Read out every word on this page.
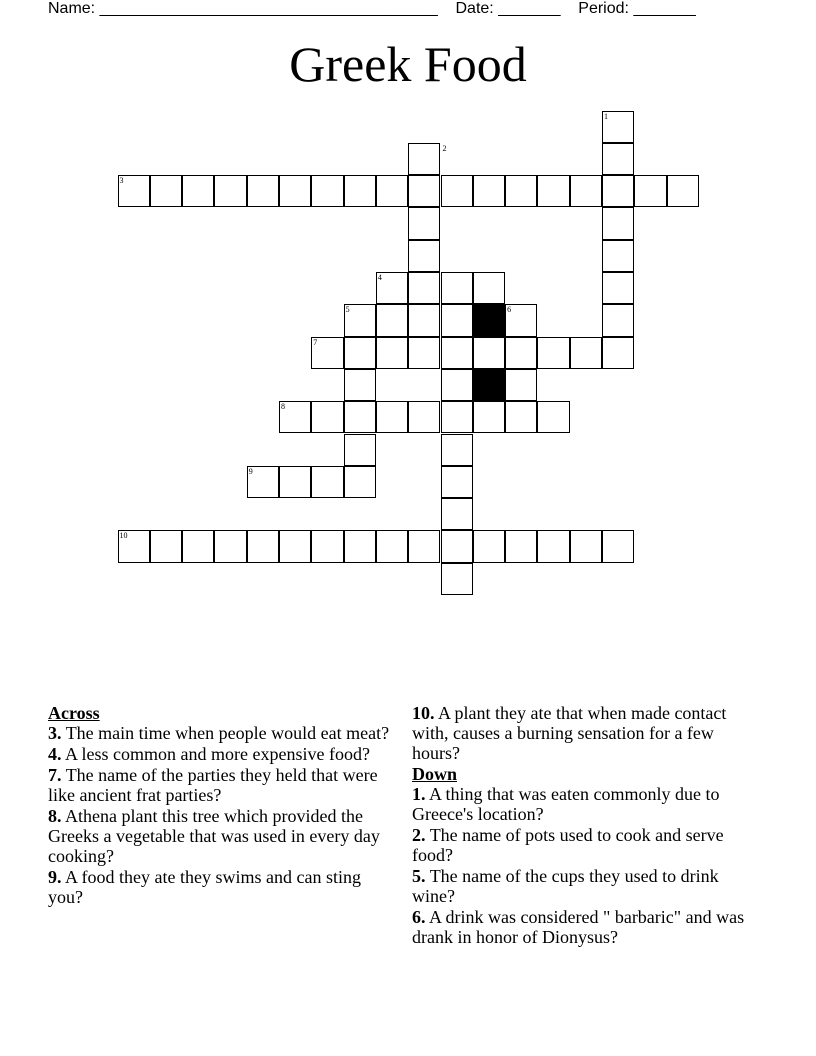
Name: ______________________________________ Date: _______ Period: _______
Greek Food
1
2
3
4
5	6
7
8
9
10
Across
3. The main time when people would eat meat?
4. A less common and more expensive food?
7. The name of the parties they held that were like ancient frat parties?
8. Athena plant this tree which provided the Greeks a vegetable that was used in every day cooking?
9. A food they ate they swims and can sting you?
10. A plant they ate that when made contact with, causes a burning sensation for a few hours?
Down
1. A thing that was eaten commonly due to Greece's location?
2. The name of pots used to cook and serve food?
5. The name of the cups they used to drink wine?
6. A drink was considered " barbaric" and was drank in honor of Dionysus?
